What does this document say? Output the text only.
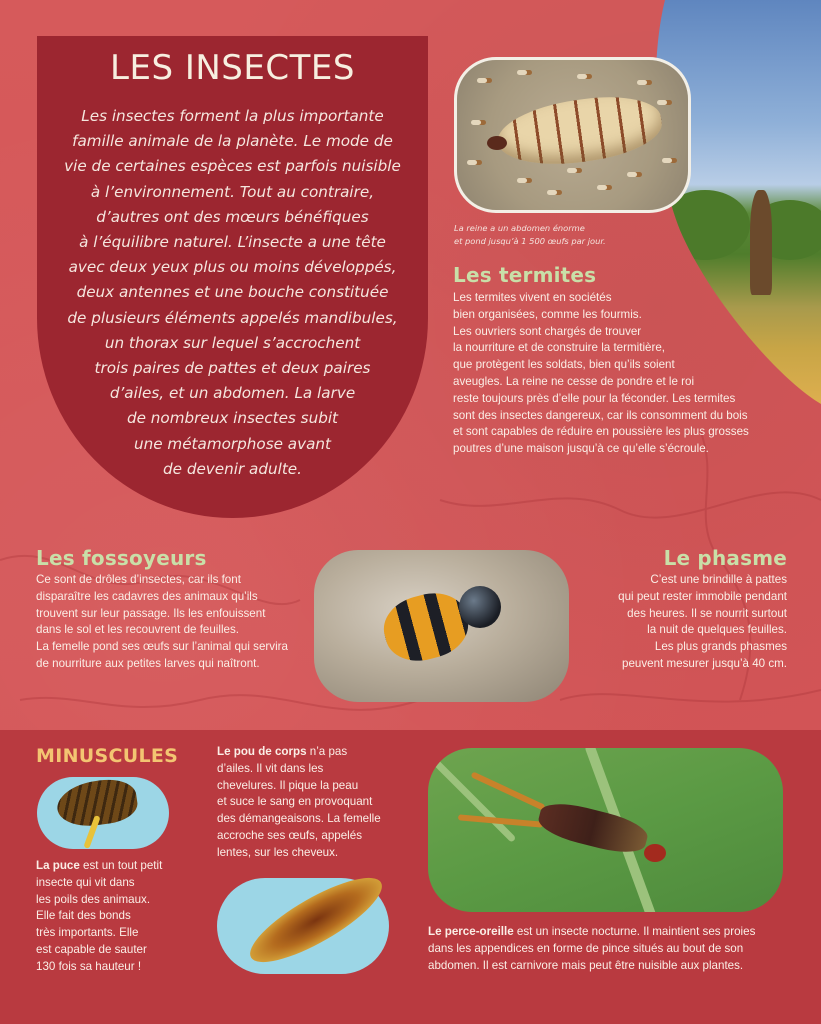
LES INSECTES

Les insectes forment la plus importante
famille animale de la planète. Le mode de
vie de certaines espèces est parfois nuisible
à l’environnement. Tout au contraire,
d’autres ont des mœurs bénéfiques
à l’équilibre naturel. L’insecte a une tête
avec deux yeux plus ou moins développés,
deux antennes et une bouche constituée
de plusieurs éléments appelés mandibules,
un thorax sur lequel s’accrochent
trois paires de pattes et deux paires
d’ailes, et un abdomen. La larve
de nombreux insectes subit
une métamorphose avant
de devenir adulte.

La reine a un abdomen énorme
et pond jusqu’à 1 500 œufs par jour.
Les termites
Les termites vivent en sociétés
bien organisées, comme les fourmis.
Les ouvriers sont chargés de trouver
la nourriture et de construire la termitière,
que protègent les soldats, bien qu’ils soient
aveugles. La reine ne cesse de pondre et le roi
reste toujours près d’elle pour la féconder. Les termites
sont des insectes dangereux, car ils consomment du bois
et sont capables de réduire en poussière les plus grosses
poutres d’une maison jusqu’à ce qu’elle s’écroule.
Les fossoyeurs
Ce sont de drôles d’insectes, car ils font
disparaître les cadavres des animaux qu’ils
trouvent sur leur passage. Ils les enfouissent
dans le sol et les recouvrent de feuilles.
La femelle pond ses œufs sur l’animal qui servira
de nourriture aux petites larves qui naîtront.
Le phasme
C’est une brindille à pattes
qui peut rester immobile pendant
des heures. Il se nourrit surtout
la nuit de quelques feuilles.
Les plus grands phasmes
peuvent mesurer jusqu’à 40 cm.
MINUSCULES
La puce est un tout petit
insecte qui vit dans
les poils des animaux.
Elle fait des bonds
très importants. Elle
est capable de sauter
130 fois sa hauteur !
Le pou de corps n’a pas
d’ailes. Il vit dans les
chevelures. Il pique la peau
et suce le sang en provoquant
des démangeaisons. La femelle
accroche ses œufs, appelés
lentes, sur les cheveux.
Le perce-oreille est un insecte nocturne. Il maintient ses proies
dans les appendices en forme de pince situés au bout de son
abdomen. Il est carnivore mais peut être nuisible aux plantes.
